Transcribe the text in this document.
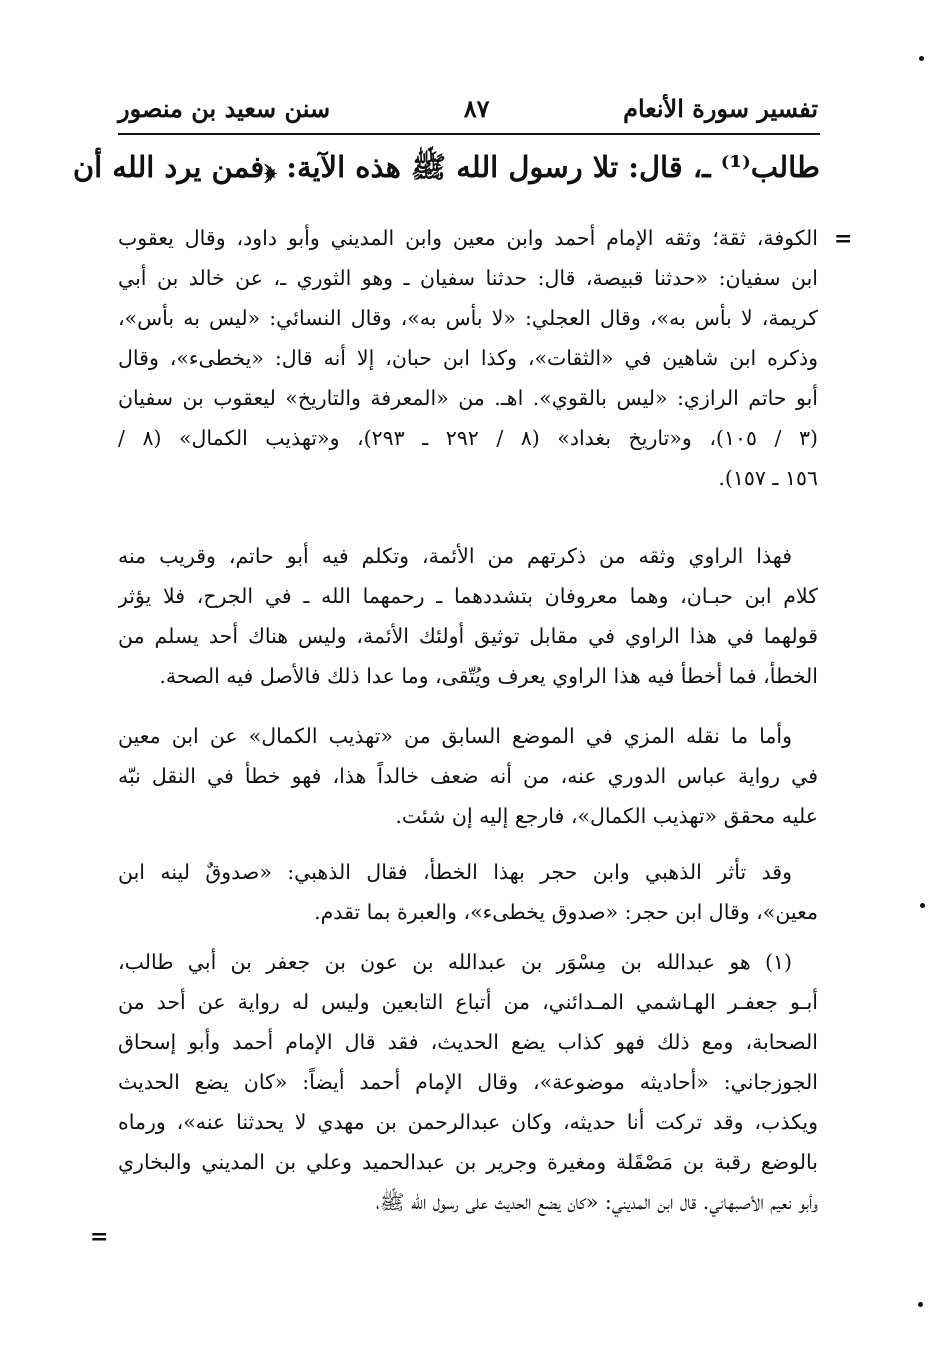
تفسير سورة الأنعام
٨٧
سنن سعيد بن منصور
طالب⁽¹⁾ ـ، قال: تلا رسول الله ﷺ هذه الآية: ﴿فمن يرد الله أن
=
الكوفة، ثقة؛ وثقه الإمام أحمد وابن معين وابن المديني وأبو داود، وقال يعقوب
ابن سفيان: «حدثنا قبيصة، قال: حدثنا سفيان ـ وهو الثوري ـ، عن خالد بن أبي
كريمة، لا بأس به»، وقال العجلي: «لا بأس به»، وقال النسائي: «ليس به بأس»،
وذكره ابن شاهين في «الثقات»، وكذا ابن حبان، إلا أنه قال: «يخطىء»، وقال
أبو حاتم الرازي: «ليس بالقوي». اهـ. من «المعرفة والتاريخ» ليعقوب بن سفيان
(٣ / ١٠٥)، و«تاريخ بغداد» (٨ / ٢٩٢ ـ ٢٩٣)، و«تهذيب الكمال» (٨ /
١٥٦ ـ ١٥٧).
فهذا الراوي وثقه من ذكرتهم من الأئمة، وتكلم فيه أبو حاتم، وقريب منه
كلام ابن حبـان، وهما معروفان بتشددهما ـ رحمهما الله ـ في الجرح، فلا يؤثر
قولهما في هذا الراوي في مقابل توثيق أولئك الأئمة، وليس هناك أحد يسلم من
الخطأ، فما أخطأ فيه هذا الراوي يعرف ويُتّقى، وما عدا ذلك فالأصل فيه الصحة.
وأما ما نقله المزي في الموضع السابق من «تهذيب الكمال» عن ابن معين
في رواية عباس الدوري عنه، من أنه ضعف خالداً هذا، فهو خطأ في النقل نبّه
عليه محقق «تهذيب الكمال»، فارجع إليه إن شئت.
وقد تأثر الذهبي وابن حجر بهذا الخطأ، فقال الذهبي: «صدوقٌ لينه ابن
معين»، وقال ابن حجر: «صدوق يخطىء»، والعبرة بما تقدم.
(١) هو عبدالله بن مِسْوَر بن عبدالله بن عون بن جعفر بن أبي طالب،
أبـو جعفـر الهـاشمي المـدائني، من أتباع التابعين وليس له رواية عن أحد من
الصحابة، ومع ذلك فهو كذاب يضع الحديث، فقد قال الإمام أحمد وأبو إسحاق
الجوزجاني: «أحاديثه موضوعة»، وقال الإمام أحمد أيضاً: «كان يضع الحديث
ويكذب، وقد تركت أنا حديثه، وكان عبدالرحمن بن مهدي لا يحدثنا عنه»، ورماه
بالوضع رقبة بن مَصْقَلة ومغيرة وجرير بن عبدالحميد وعلي بن المديني والبخاري
وأبو نعيم الأصبهاني. قال ابن المديني: «كان يضع الحديث على رسول الله ﷺ،
=
